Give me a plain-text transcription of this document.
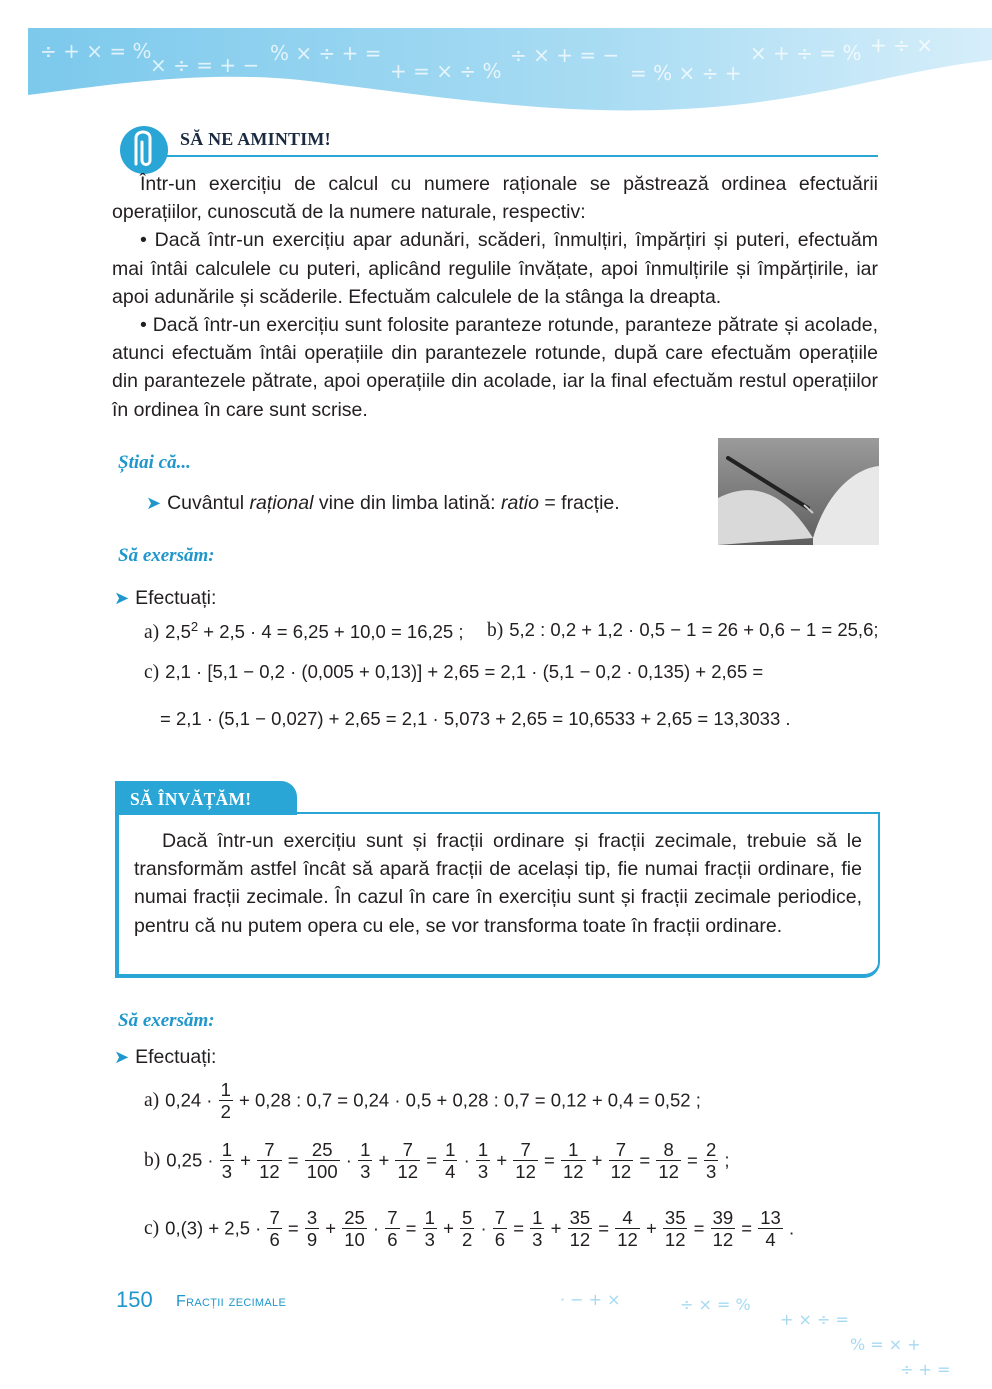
÷ + × = %
× ÷ = + − % × ÷ + =
+ = × ÷ %
÷ × + = −
= % × ÷ +
× + ÷ = % + ÷ ×
SĂ NE AMINTIM!

Într-un exercițiu de calcul cu numere raționale se păstrează ordinea efectuării operațiilor, cunoscută de la numere naturale, respectiv:

• Dacă într-un exercițiu apar adunări, scăderi, înmulțiri, împărțiri și puteri, efectuăm mai întâi calculele cu puteri, aplicând regulile învățate, apoi înmulțirile și împărțirile, iar apoi adunările și scăderile. Efectuăm calculele de la stânga la dreapta.

• Dacă într-un exercițiu sunt folosite paranteze rotunde, paranteze pătrate și acolade, atunci efectuăm întâi operațiile din parantezele rotunde, după care efectuăm operațiile din parantezele pătrate, apoi operațiile din acolade, iar la final efectuăm restul operațiilor în ordinea în care sunt scrise.

Știai că...
➤ Cuvântul rațional vine din limba latină: ratio = fracție.
Să exersăm:
➤ Efectuați:
a) $2,5^2 + 2,5 \cdot 4 = 6,25 + 10,0 = 16,25$ ; b) 5,2 : 0,2 + 1,2 · 0,5 − 1 = 26 + 0,6 − 1 = 25,6;
c) 2,1 · [5,1 − 0,2 · (0,005 + 0,13)] + 2,65 = 2,1 · (5,1 − 0,2 · 0,135) + 2,65 =
= 2,1 · (5,1 − 0,027) + 2,65 = 2,1 · 5,073 + 2,65 = 10,6533 + 2,65 = 13,3033 .
SĂ ÎNVĂȚĂM!

Dacă într-un exercițiu sunt și fracții ordinare și fracții zecimale, trebuie să le transformăm astfel încât să apară fracții de același tip, fie numai fracții ordinare, fie numai fracții zecimale. În cazul în care în exercițiu sunt și fracții zecimale periodice, pentru că nu putem opera cu ele, se vor transforma toate în fracții ordinare.

Să exersăm:
➤ Efectuați:
a) $0,24 \cdot \frac{1}{2} + 0,28$ : 0,7 = 0,24 · 0,5 + 0,28 : 0,7 = 0,12 + 0,4 = 0,52 ;
b) $0,25 \cdot \frac{1}{3} + \frac{7}{12} = \frac{25}{100} \cdot \frac{1}{3} + \frac{7}{12} = \frac{1}{4} \cdot \frac{1}{3} + \frac{7}{12} = \frac{1}{12} + \frac{7}{12} = \frac{8}{12} = \frac{2}{3}$ ;
c) $0,(3) + 2,5 \cdot \frac{7}{6} = \frac{3}{9} + \frac{25}{10} \cdot \frac{7}{6} = \frac{1}{3} + \frac{5}{2} \cdot \frac{7}{6} = \frac{1}{3} + \frac{35}{12} = \frac{4}{12} + \frac{35}{12} = \frac{39}{12} = \frac{13}{4}$ .
150 Fracții zecimale	· − + ×	÷ × = %
+ × ÷ =
% = × +
÷ + =
